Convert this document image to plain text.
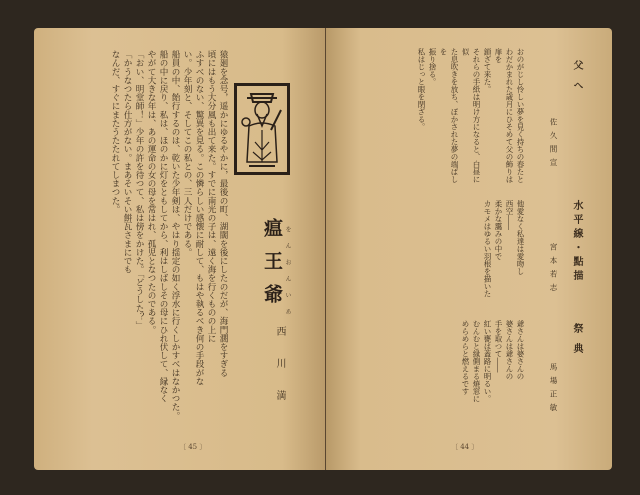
猿廻を念号，遥かにゆるやかに，最後の町、湖闊を後にしたのだが、海門濶をすぎる

頃にはもう大分風も出て来た。すでに南光の子は、遠く海を行くものの上に

ふすべのない、驚異を見る。この憐らしい感懐に耐して、もはや執るべき何の手段がな

い。少年刻と、そしてこの私との、三人だけである。

船員の中、飴行するのは、乾いた少年剣は、やはり揺定の如く浮水に行くしかすべはなかつた。

船の中に戻り、私は、ほのかに灯をともしてから、利はしばしその母にひれ伏して、縁なく

やがて大きな年は、あの運命の女の母を常はれ、孤児となつたのである。

「おい、明堂師！」少年の許を待つて、私は傍をかけた。「どうした？」

「かうなつたら仕方がない。まあそいそい餅瓦さまにでも

なんだ、すぐにまたうたたれてしまつた。

瘟王爺 をんおんいあ
西川満
〔 45 〕
父へ
佐久間宣

おのがじし怜しい夢を見く持ちの春たと

わだかまれた歳月にひそめて父の飾りは扉を

鎖ざて来た。

それらの手紙は明け方になると、白昼に似

た息吹きを放ち、ぼかされた夢の端ばしを

振り捨る。

私はじっと眼を閉ざる。

水平線・點描
宮本若志

他愛なく私達は愛吻し

西空――

柔かな靄みの中で

カモメはゆるい羽根を描いた

祭典
馬場正敏

爺さんは婆さんの

婆さんは爺さんの

手を取つて――

紅い甕は蓋路に明るい。

むんむと縁側まる焼窓に

めらめらと燃えるです

〔 44 〕
